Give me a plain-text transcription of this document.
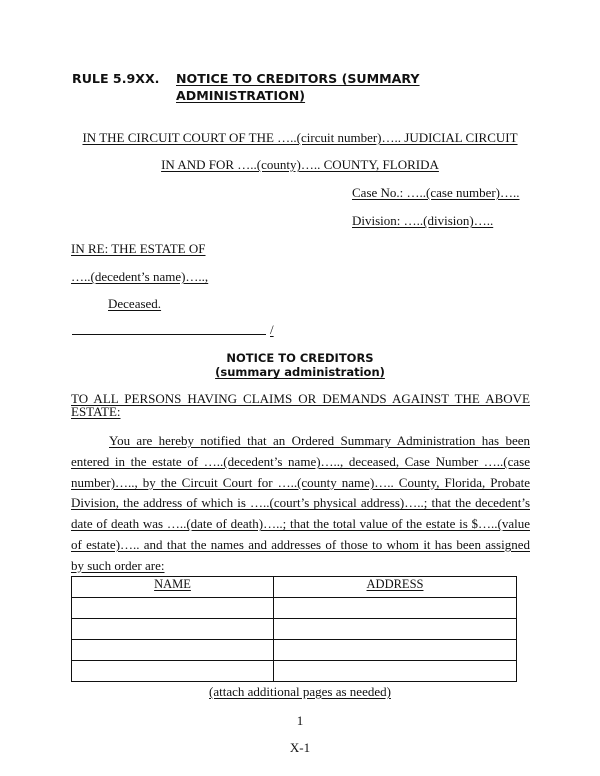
RULE 5.9XX. NOTICE TO CREDITORS (SUMMARY
ADMINISTRATION)
IN THE CIRCUIT COURT OF THE …..(circuit number)….. JUDICIAL CIRCUIT
IN AND FOR …..(county)….. COUNTY, FLORIDA
Case No.: …..(case number)…..
Division: …..(division)…..
IN RE: THE ESTATE OF
…..(decedent’s name)…..,
Deceased.
/
NOTICE TO CREDITORS
(summary administration)
TO ALL PERSONS HAVING CLAIMS OR DEMANDS AGAINST THE ABOVE ESTATE:
You are hereby notified that an Ordered Summary Administration has been entered in the estate of …..(decedent’s name)….., deceased, Case Number …..(case number)….., by the Circuit Court for …..(county name)….. County, Florida, Probate Division, the address of which is …..(court’s physical address)…..; that the decedent’s date of death was …..(date of death)…..; that the total value of the estate is $…..(value of estate)….. and that the names and addresses of those to whom it has been assigned by such order are:
NAME	ADDRESS

(attach additional pages as needed)
1
X-1
